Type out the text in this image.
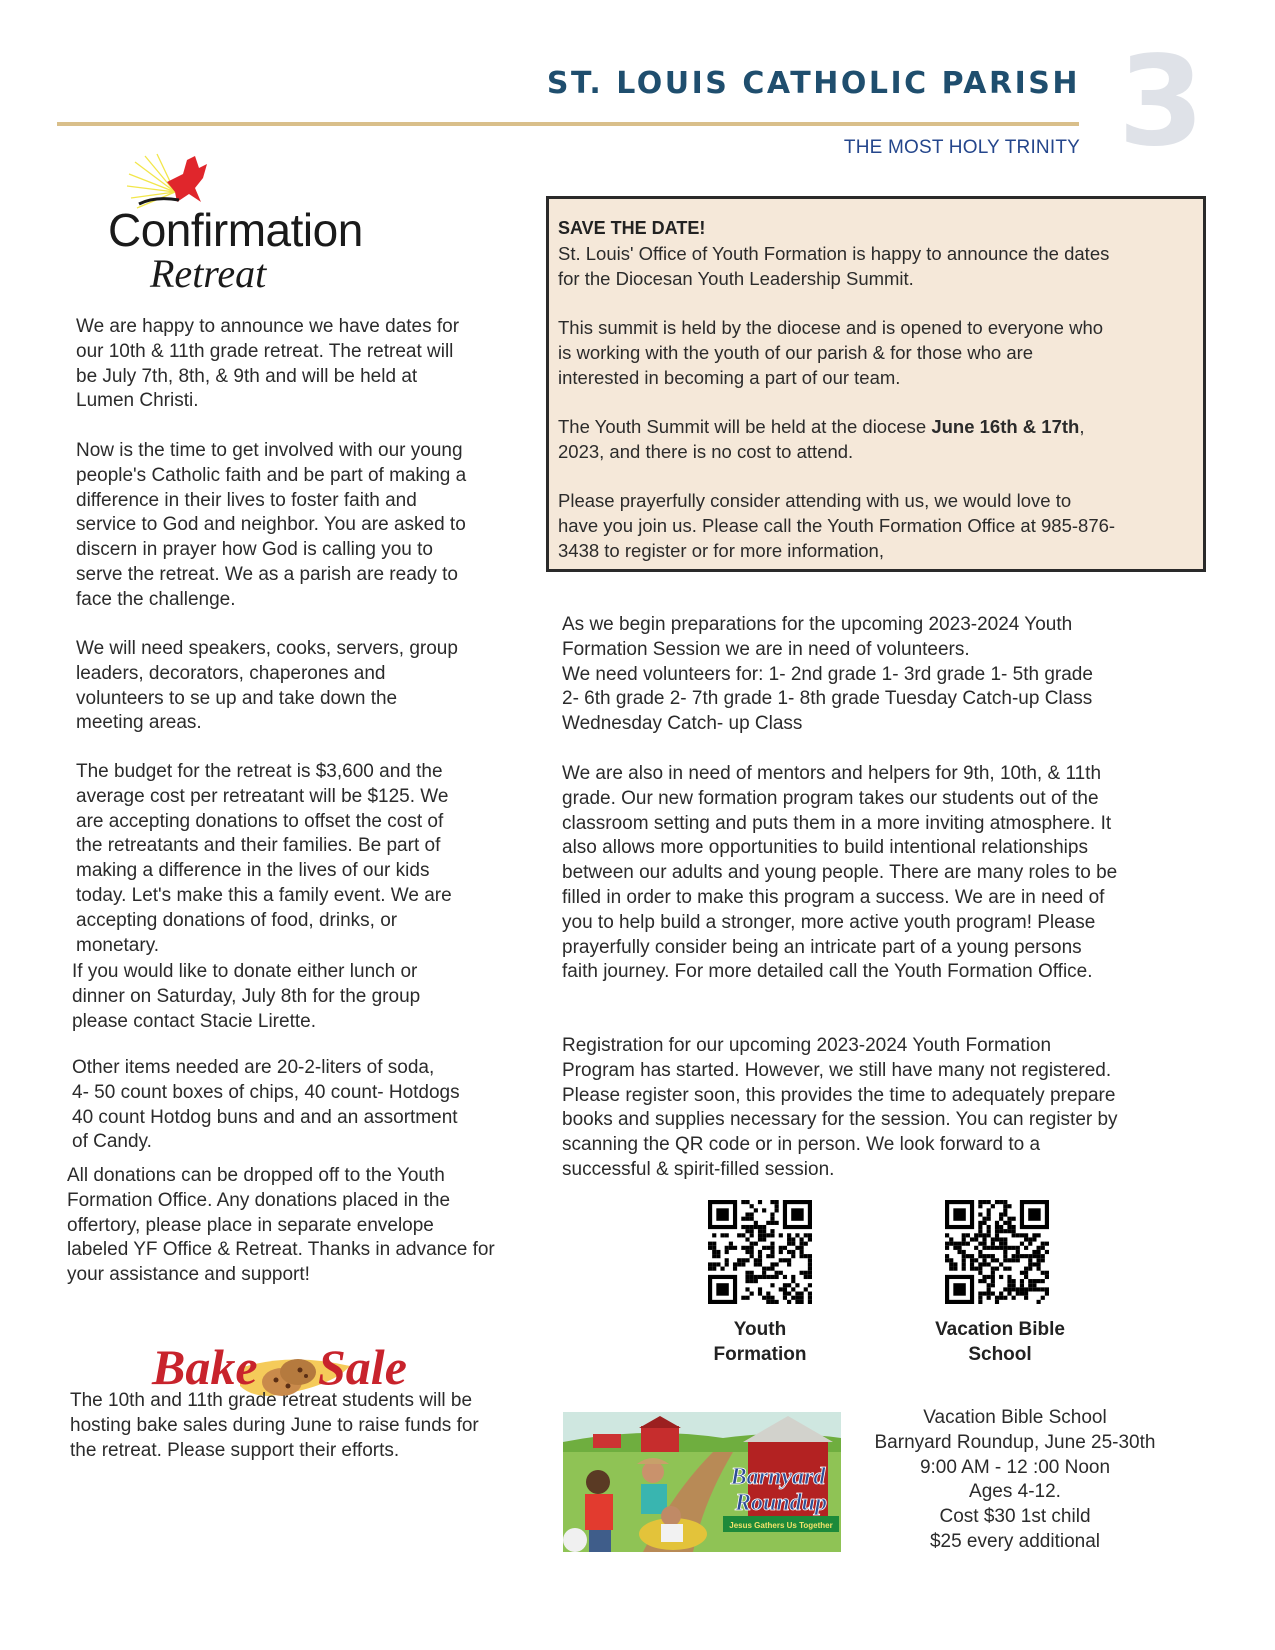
ST. LOUIS CATHOLIC PARISH
THE MOST HOLY TRINITY 3
Confirmation
Retreat
We are happy to announce we have dates for
our 10th & 11th grade retreat. The retreat will
be July 7th, 8th, & 9th and will be held at
Lumen Christi.
Now is the time to get involved with our young
people's Catholic faith and be part of making a
difference in their lives to foster faith and
service to God and neighbor. You are asked to
discern in prayer how God is calling you to
serve the retreat. We as a parish are ready to
face the challenge.
We will need speakers, cooks, servers, group
leaders, decorators, chaperones and
volunteers to se up and take down the
meeting areas.
The budget for the retreat is $3,600 and the
average cost per retreatant will be $125. We
are accepting donations to offset the cost of
the retreatants and their families. Be part of
making a difference in the lives of our kids
today. Let's make this a family event. We are
accepting donations of food, drinks, or
monetary.
If you would like to donate either lunch or
dinner on Saturday, July 8th for the group
please contact Stacie Lirette.
Other items needed are 20-2-liters of soda,
4- 50 count boxes of chips, 40 count- Hotdogs
40 count Hotdog buns and and an assortment
of Candy.
All donations can be dropped off to the Youth
Formation Office. Any donations placed in the
offertory, please place in separate envelope
labeled YF Office & Retreat. Thanks in advance for
your assistance and support!
Bake Sale
The 10th and 11th grade retreat students will be
hosting bake sales during June to raise funds for
the retreat. Please support their efforts.
SAVE THE DATE!
St. Louis' Office of Youth Formation is happy to announce the dates
for the Diocesan Youth Leadership Summit.
This summit is held by the diocese and is opened to everyone who
is working with the youth of our parish & for those who are
interested in becoming a part of our team.
The Youth Summit will be held at the diocese June 16th & 17th,
2023, and there is no cost to attend.
Please prayerfully consider attending with us, we would love to
have you join us. Please call the Youth Formation Office at 985-876-
3438 to register or for more information,
As we begin preparations for the upcoming 2023-2024 Youth
Formation Session we are in need of volunteers.
We need volunteers for: 1- 2nd grade 1- 3rd grade 1- 5th grade
2- 6th grade 2- 7th grade 1- 8th grade Tuesday Catch-up Class
Wednesday Catch- up Class
We are also in need of mentors and helpers for 9th, 10th, & 11th
grade. Our new formation program takes our students out of the
classroom setting and puts them in a more inviting atmosphere. It
also allows more opportunities to build intentional relationships
between our adults and young people. There are many roles to be
filled in order to make this program a success. We are in need of
you to help build a stronger, more active youth program! Please
prayerfully consider being an intricate part of a young persons
faith journey. For more detailed call the Youth Formation Office.
Registration for our upcoming 2023-2024 Youth Formation
Program has started. However, we still have many not registered.
Please register soon, this provides the time to adequately prepare
books and supplies necessary for the session. You can register by
scanning the QR code or in person. We look forward to a
successful & spirit-filled session.
Youth
Formation
Vacation Bible
School
Barnyard
Roundup
Jesus Gathers Us Together
Vacation Bible School
Barnyard Roundup, June 25-30th
9:00 AM - 12 :00 Noon
Ages 4-12.
Cost $30 1st child
$25 every additional
